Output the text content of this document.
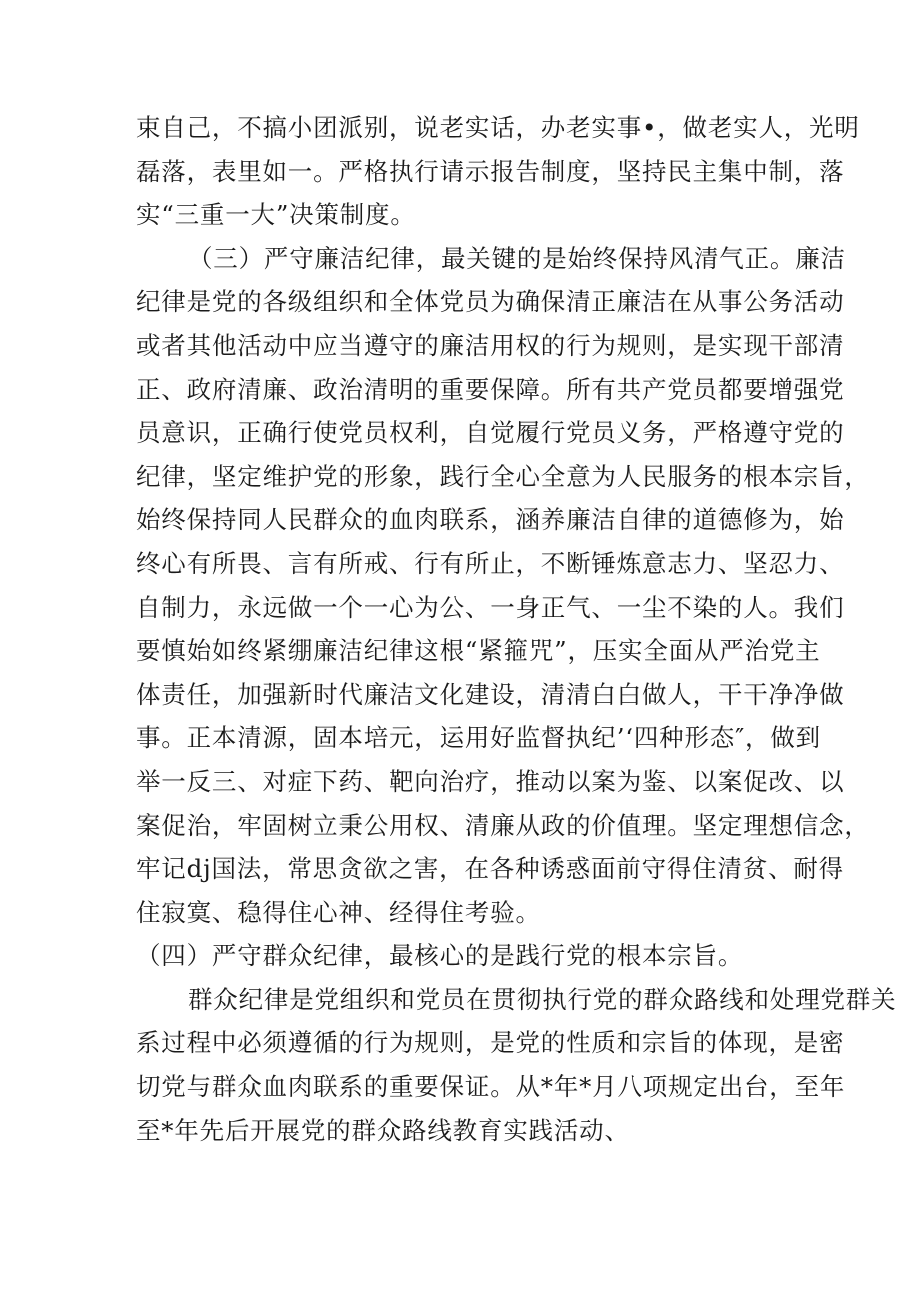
束自己，不搞小团派别，说老实话，办老实事•，做老实人，光明
磊落，表里如一。严格执行请示报告制度，坚持民主集中制，落
实“三重一大”决策制度。
（三）严守廉洁纪律，最关键的是始终保持风清气正。廉洁
纪律是党的各级组织和全体党员为确保清正廉洁在从事公务活动
或者其他活动中应当遵守的廉洁用权的行为规则，是实现干部清
正、政府清廉、政治清明的重要保障。所有共产党员都要增强党
员意识，正确行使党员权利，自觉履行党员义务，严格遵守党的
纪律，坚定维护党的形象，践行全心全意为人民服务的根本宗旨，
始终保持同人民群众的血肉联系，涵养廉洁自律的道德修为，始
终心有所畏、言有所戒、行有所止，不断锤炼意志力、坚忍力、
自制力，永远做一个一心为公、一身正气、一尘不染的人。我们
要慎始如终紧绷廉洁纪律这根“紧箍咒”，压实全面从严治党主
体责任，加强新时代廉洁文化建设，清清白白做人，干干净净做
事。正本清源，固本培元，运用好监督执纪’‘四种形态″，做到
举一反三、对症下药、靶向治疗，推动以案为鉴、以案促改、以
案促治，牢固树立秉公用权、清廉从政的价值理。坚定理想信念，
牢记dj国法，常思贪欲之害，在各种诱惑面前守得住清贫、耐得
住寂寞、稳得住心神、经得住考验。
（四）严守群众纪律，最核心的是践行党的根本宗旨。
群众纪律是党组织和党员在贯彻执行党的群众路线和处理党群关
系过程中必须遵循的行为规则，是党的性质和宗旨的体现，是密
切党与群众血肉联系的重要保证。从*年*月八项规定出台，至年
至*年先后开展党的群众路线教育实践活动、
